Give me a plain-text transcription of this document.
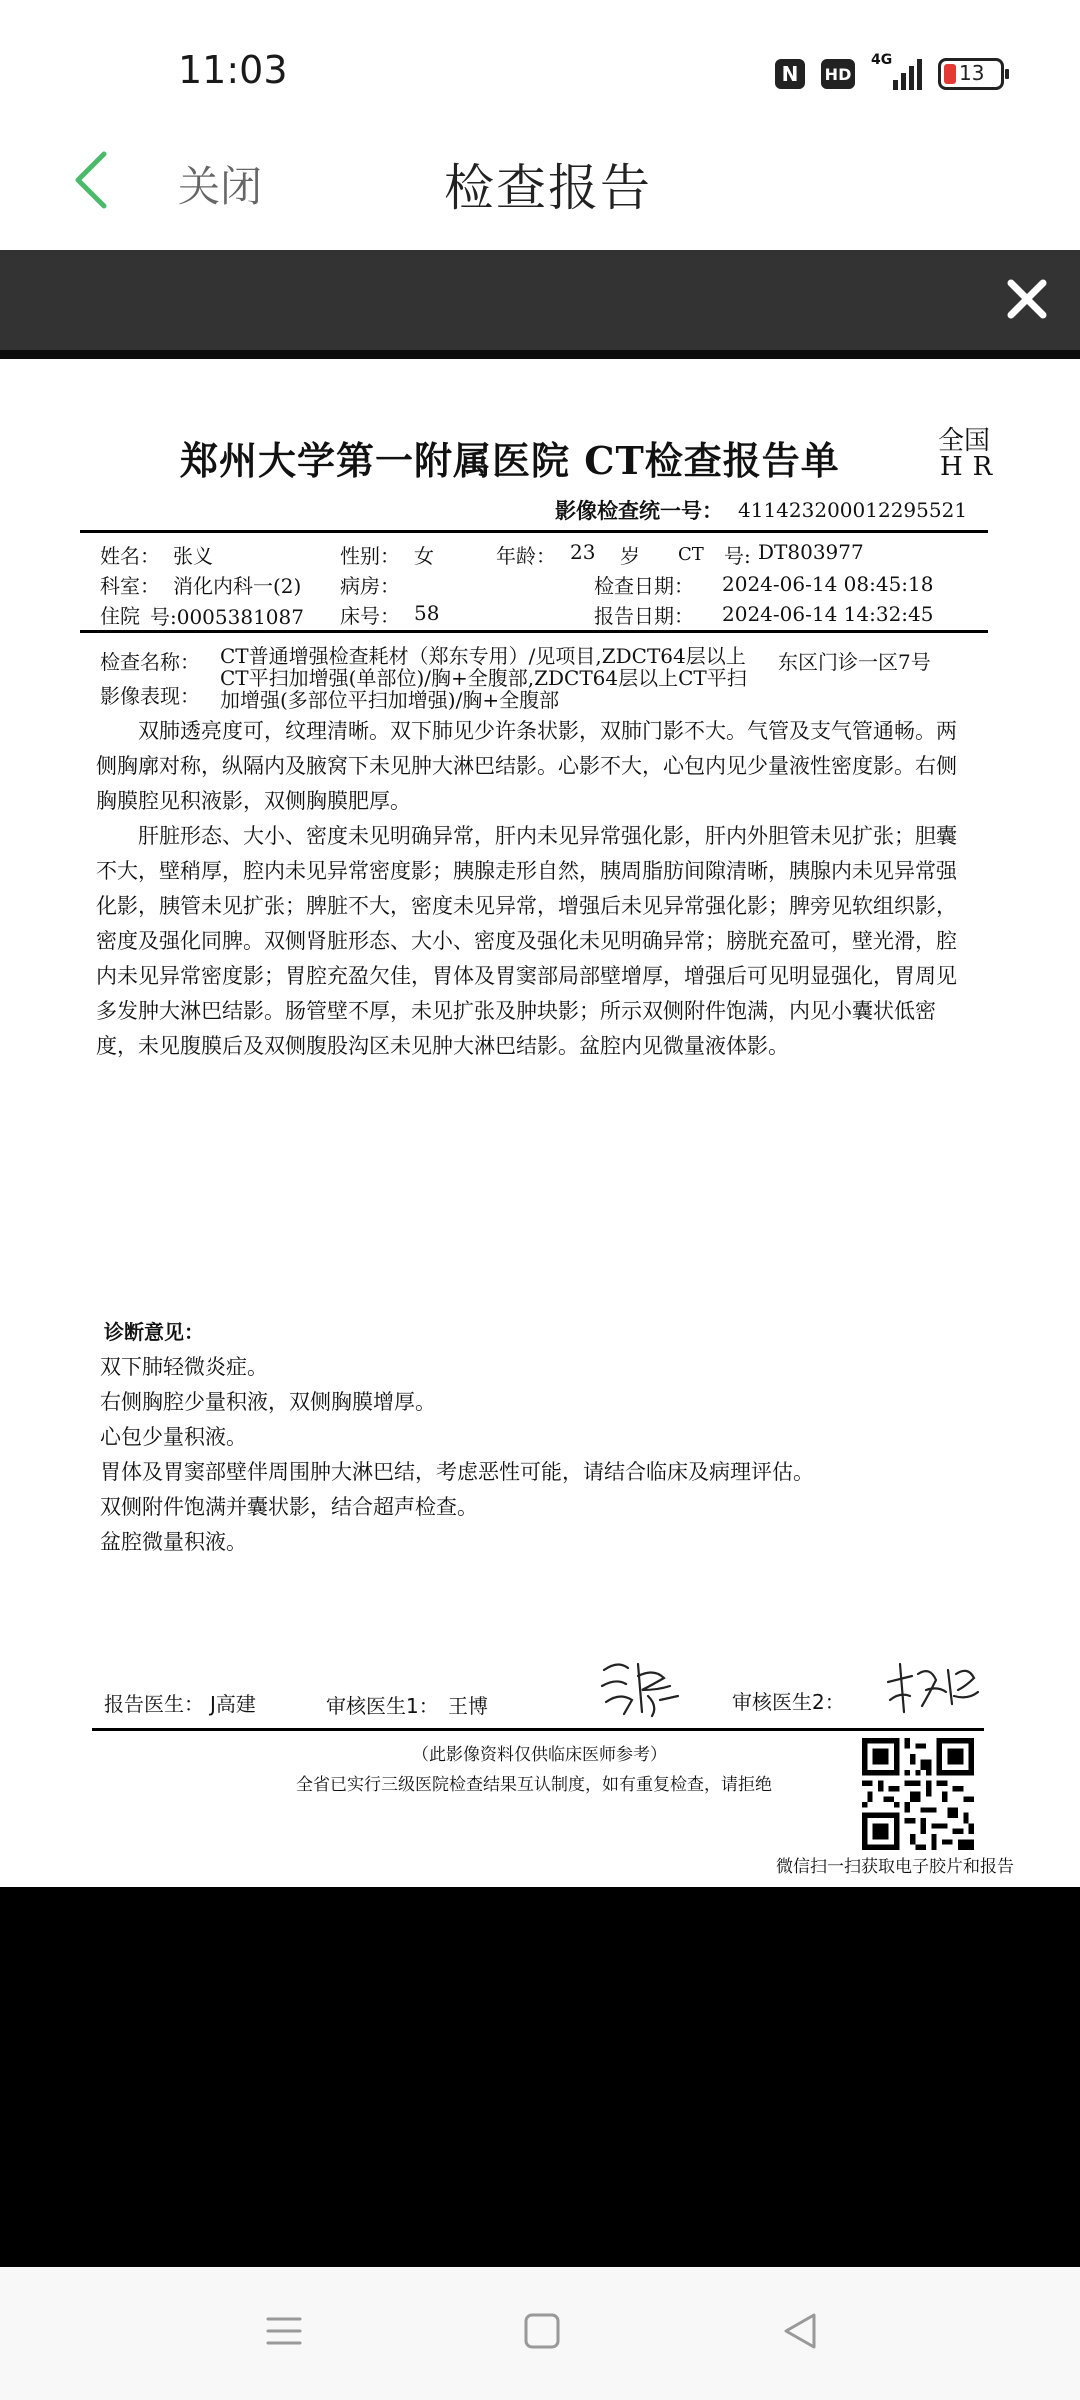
11:03	N	HD
4G
13
关闭	检查报告
郑州大学第一附属医院 CT检查报告单	全国
HR
影像检查统一号： 411423200012295521
姓名： 张义	性别： 女	年龄： 23 岁 CT 号: DT803977
科室： 消化内科一(2) 病房：	检查日期： 2024-06-14 08:45:18
住院 号:0005381087 床号： 58	报告日期： 2024-06-14 14:32:45
检查名称： CT普通增强检查耗材（郑东专用）/见项目,ZDCT64层以上 东区门诊一区7号
CT平扫加增强(单部位)/胸+全腹部,ZDCT64层以上CT平扫
影像表现： 加增强(多部位平扫加增强)/胸+全腹部

双肺透亮度可，纹理清晰。双下肺见少许条状影，双肺门影不大。气管及支气管通畅。两侧胸廓对称，纵隔内及腋窝下未见肿大淋巴结影。心影不大，心包内见少量液性密度影。右侧胸膜腔见积液影，双侧胸膜肥厚。

肝脏形态、大小、密度未见明确异常，肝内未见异常强化影，肝内外胆管未见扩张；胆囊不大，壁稍厚，腔内未见异常密度影；胰腺走形自然，胰周脂肪间隙清晰，胰腺内未见异常强化影，胰管未见扩张；脾脏不大，密度未见异常，增强后未见异常强化影；脾旁见软组织影，密度及强化同脾。双侧肾脏形态、大小、密度及强化未见明确异常；膀胱充盈可，壁光滑，腔内未见异常密度影；胃腔充盈欠佳，胃体及胃窦部局部壁增厚，增强后可见明显强化，胃周见多发肿大淋巴结影。肠管壁不厚，未见扩张及肿块影；所示双侧附件饱满，内见小囊状低密度，未见腹膜后及双侧腹股沟区未见肿大淋巴结影。盆腔内见微量液体影。

诊断意见：
双下肺轻微炎症。
右侧胸腔少量积液，双侧胸膜增厚。
心包少量积液。
胃体及胃窦部壁伴周围肿大淋巴结，考虑恶性可能，请结合临床及病理评估。
双侧附件饱满并囊状影，结合超声检查。
盆腔微量积液。
报告医生： J高建	审核医生1： 王博	审核医生2：
（此影像资料仅供临床医师参考）
全省已实行三级医院检查结果互认制度，如有重复检查，请拒绝
微信扫一扫获取电子胶片和报告
